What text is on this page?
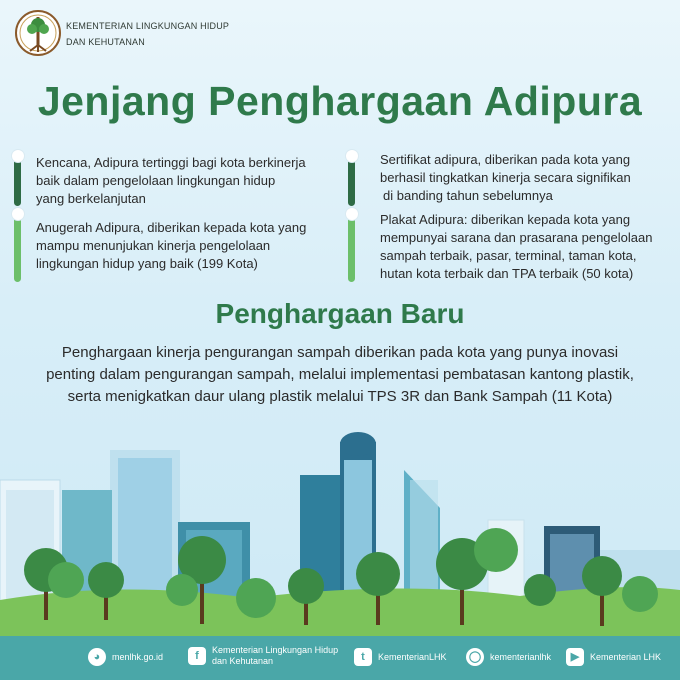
KEMENTERIAN LINGKUNGAN HIDUP
DAN KEHUTANAN
Jenjang Penghargaan Adipura
Kencana, Adipura tertinggi bagi kota berkinerja
baik dalam pengelolaan lingkungan hidup
yang berkelanjutan
Anugerah Adipura, diberikan kepada kota yang
mampu menunjukan kinerja pengelolaan
lingkungan hidup yang baik (199 Kota)
Sertifikat adipura, diberikan pada kota yang
berhasil tingkatkan kinerja secara signifikan
di banding tahun sebelumnya
Plakat Adipura: diberikan kepada kota yang
mempunyai sarana dan prasarana pengelolaan
sampah terbaik, pasar, terminal, taman kota,
hutan kota terbaik dan TPA terbaik (50 kota)
Penghargaan Baru
Penghargaan kinerja pengurangan sampah diberikan pada kota yang punya inovasi
penting dalam pengurangan sampah, melalui implementasi pembatasan kantong plastik,
serta menigkatkan daur ulang plastik melalui TPS 3R dan Bank Sampah (11 Kota)
◕	menlhk.go.id	f	Kementerian Lingkungan Hidup
dan Kehutanan	t	KementerianLHK ◯ kementerianlhk	▶	Kementerian LHK
